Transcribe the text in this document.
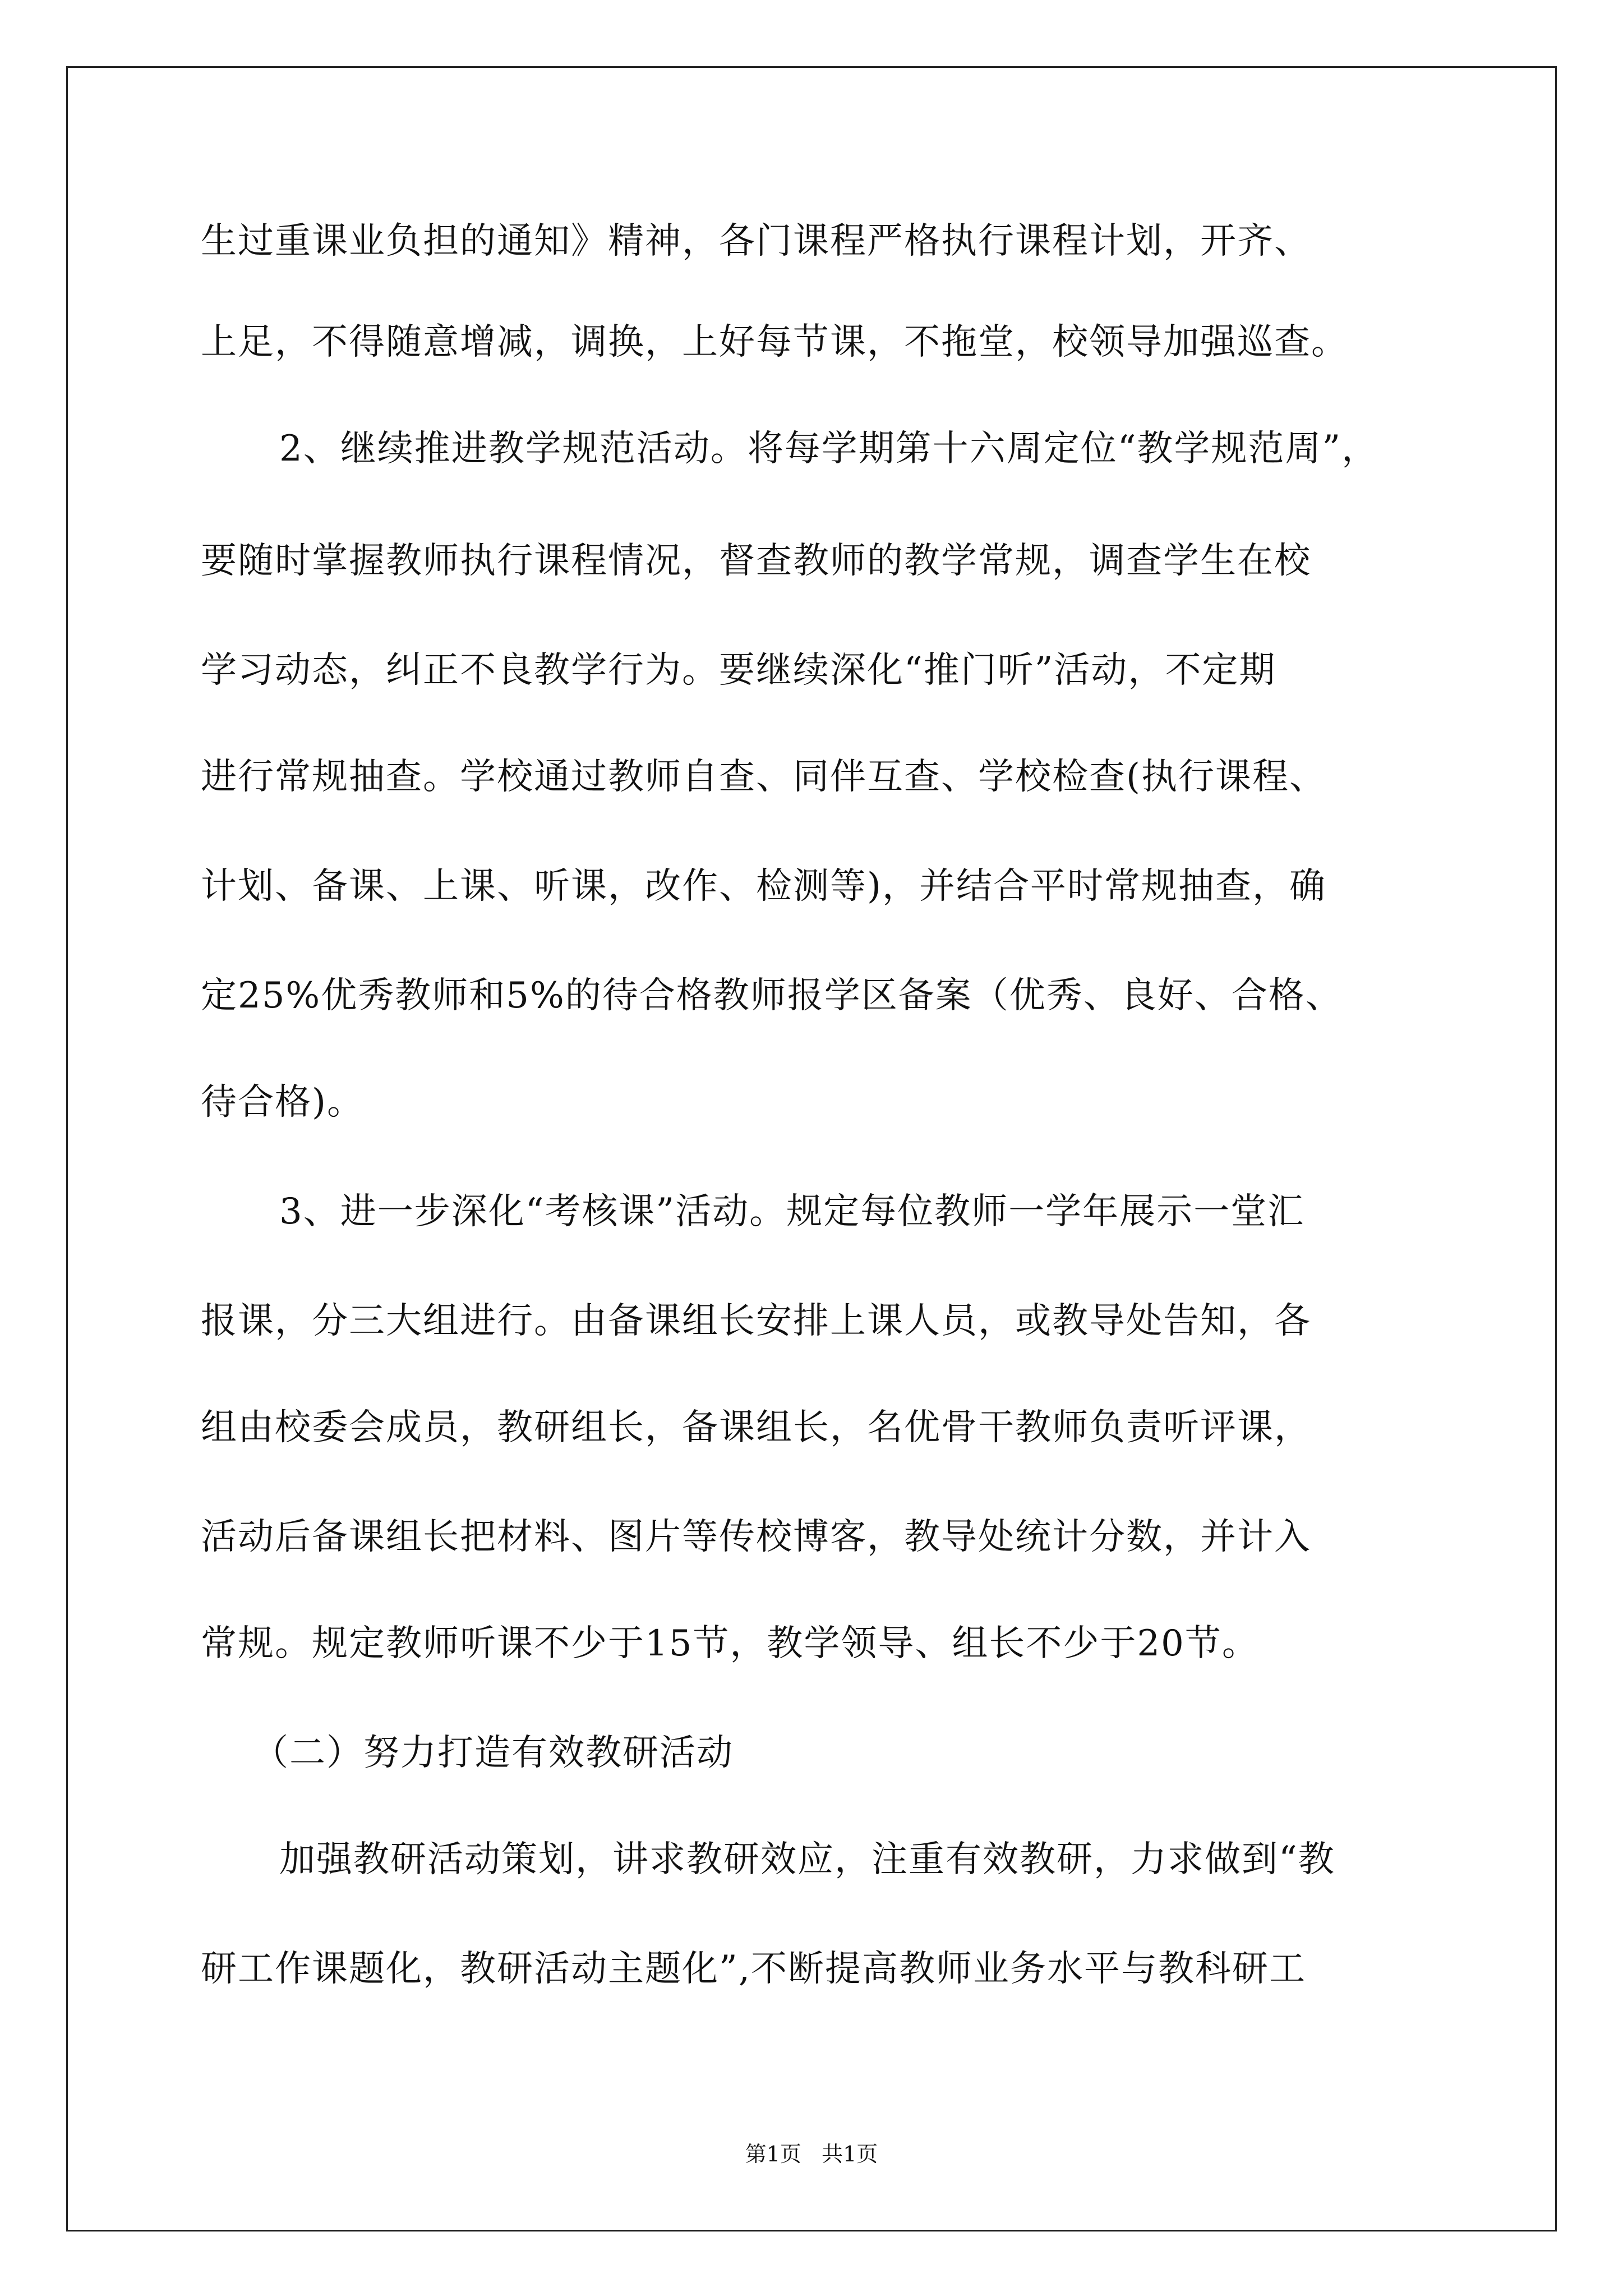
生过重课业负担的通知》精神，各门课程严格执行课程计划，开齐、
上足，不得随意增减，调换，上好每节课，不拖堂，校领导加强巡查。
2、继续推进教学规范活动。将每学期第十六周定位“教学规范周”，
要随时掌握教师执行课程情况，督查教师的教学常规，调查学生在校
学习动态，纠正不良教学行为。要继续深化“推门听”活动，不定期
进行常规抽查。学校通过教师自查、同伴互查、学校检查(执行课程、
计划、备课、上课、听课，改作、检测等)，并结合平时常规抽查，确
定25%优秀教师和5%的待合格教师报学区备案（优秀、良好、合格、
待合格)。
3、进一步深化“考核课”活动。规定每位教师一学年展示一堂汇
报课，分三大组进行。由备课组长安排上课人员，或教导处告知，各
组由校委会成员，教研组长，备课组长，名优骨干教师负责听评课，
活动后备课组长把材料、图片等传校博客，教导处统计分数，并计入
常规。规定教师听课不少于15节，教学领导、组长不少于20节。
（二）努力打造有效教研活动
加强教研活动策划，讲求教研效应，注重有效教研，力求做到“教
研工作课题化，教研活动主题化”,不断提高教师业务水平与教科研工
第1页   共1页
